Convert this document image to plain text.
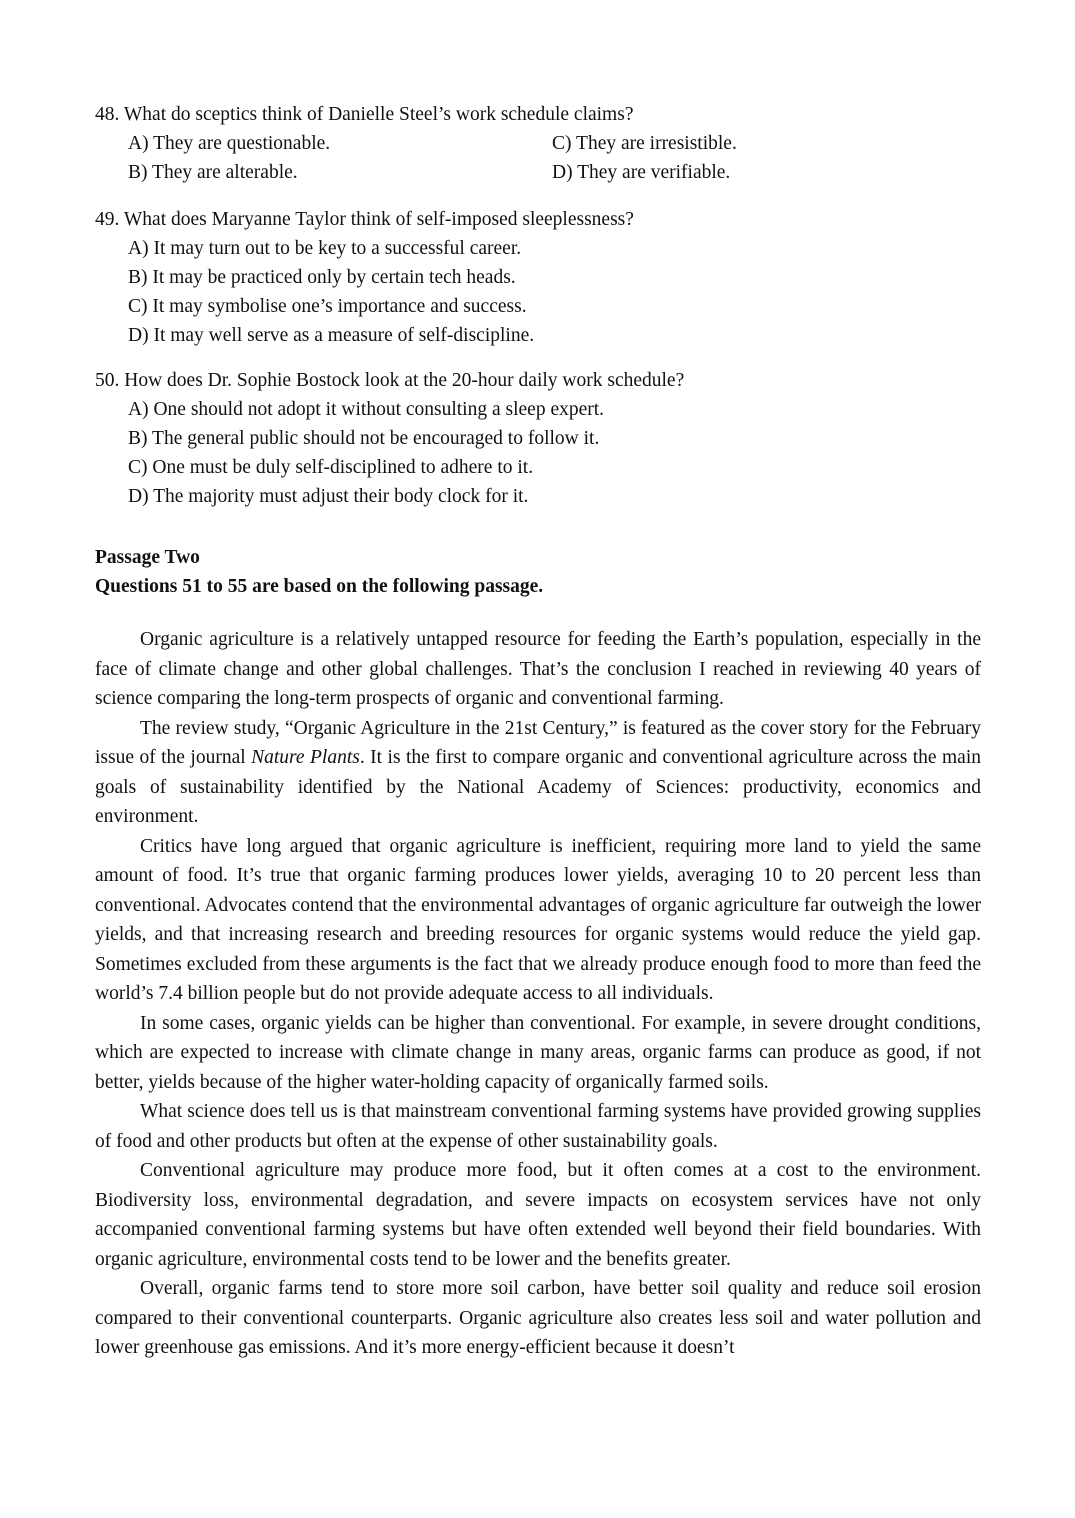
48. What do sceptics think of Danielle Steel’s work schedule claims?
A) They are questionable.	C) They are irresistible.
B) They are alterable.	D) They are verifiable.
49. What does Maryanne Taylor think of self-imposed sleeplessness?
A) It may turn out to be key to a successful career.
B) It may be practiced only by certain tech heads.
C) It may symbolise one’s importance and success.
D) It may well serve as a measure of self-discipline.
50. How does Dr. Sophie Bostock look at the 20-hour daily work schedule?
A) One should not adopt it without consulting a sleep expert.
B) The general public should not be encouraged to follow it.
C) One must be duly self-disciplined to adhere to it.
D) The majority must adjust their body clock for it.
Passage Two
Questions 51 to 55 are based on the following passage.

Organic agriculture is a relatively untapped resource for feeding the Earth’s population, especially in the face of climate change and other global challenges. That’s the conclusion I reached in reviewing 40 years of science comparing the long-term prospects of organic and conventional farming.

The review study, “Organic Agriculture in the 21st Century,” is featured as the cover story for the February issue of the journal Nature Plants. It is the first to compare organic and conventional agriculture across the main goals of sustainability identified by the National Academy of Sciences: productivity, economics and environment.

Critics have long argued that organic agriculture is inefficient, requiring more land to yield the same amount of food. It’s true that organic farming produces lower yields, averaging 10 to 20 percent less than conventional. Advocates contend that the environmental advantages of organic agriculture far outweigh the lower yields, and that increasing research and breeding resources for organic systems would reduce the yield gap. Sometimes excluded from these arguments is the fact that we already produce enough food to more than feed the world’s 7.4 billion people but do not provide adequate access to all individuals.

In some cases, organic yields can be higher than conventional. For example, in severe drought conditions, which are expected to increase with climate change in many areas, organic farms can produce as good, if not better, yields because of the higher water-holding capacity of organically farmed soils.

What science does tell us is that mainstream conventional farming systems have provided growing supplies of food and other products but often at the expense of other sustainability goals.

Conventional agriculture may produce more food, but it often comes at a cost to the environment. Biodiversity loss, environmental degradation, and severe impacts on ecosystem services have not only accompanied conventional farming systems but have often extended well beyond their field boundaries. With organic agriculture, environmental costs tend to be lower and the benefits greater.

Overall, organic farms tend to store more soil carbon, have better soil quality and reduce soil erosion compared to their conventional counterparts. Organic agriculture also creates less soil and water pollution and lower greenhouse gas emissions. And it’s more energy-efficient because it doesn’t
